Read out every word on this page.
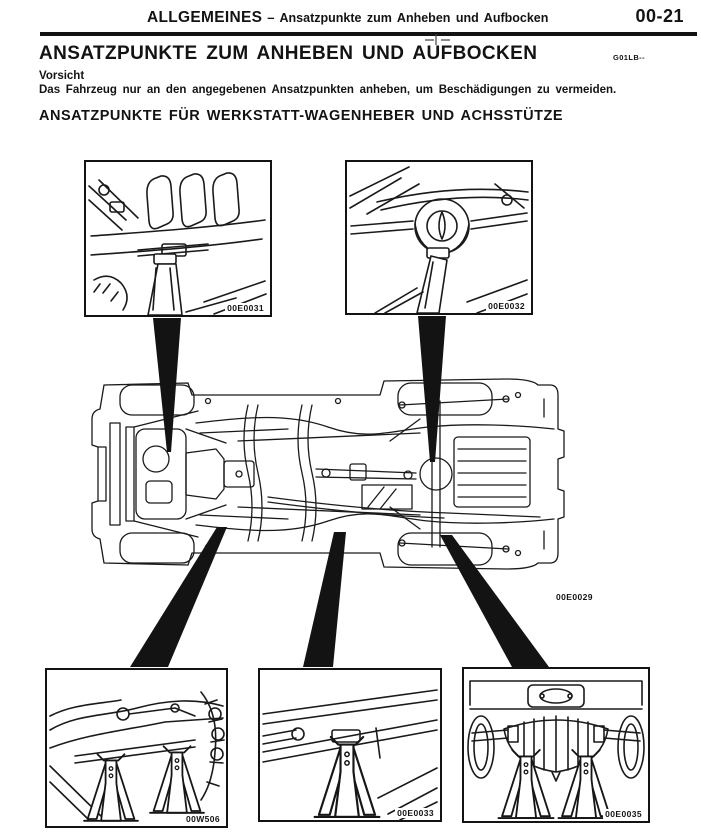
ALLGEMEINES – Ansatzpunkte zum Anheben und Aufbocken	00-21
ANSATZPUNKTE ZUM ANHEBEN UND AUFBOCKEN	G01LB--
Vorsicht
Das Fahrzeug nur an den angegebenen Ansatzpunkten anheben, um Beschädigungen zu vermeiden.
ANSATZPUNKTE FÜR WERKSTATT-WAGENHEBER UND ACHSSTÜTZE
00E0029
00E0031	00E0032
00W506
00E0033	00E0035
